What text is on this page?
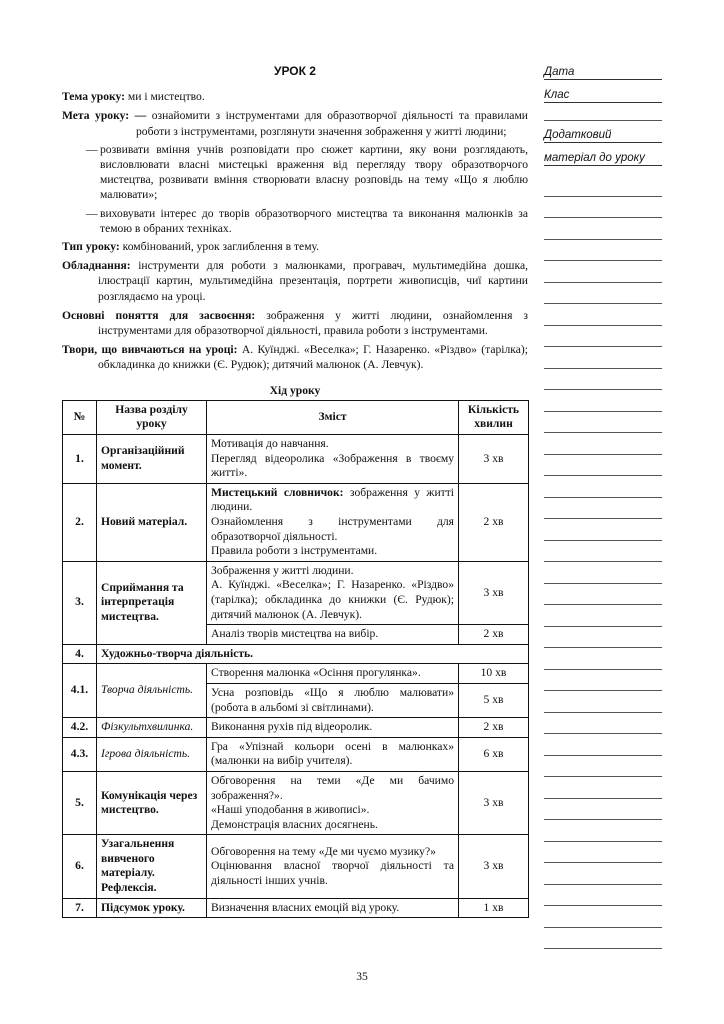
УРОК 2
Тема уроку: ми і мистецтво.
Мета уроку: — ознайомити з інструментами для образотворчої діяльності та правилами роботи з інструментами, розглянути значення зображення у житті людини;
— розвивати вміння учнів розповідати про сюжет картини, яку вони розглядають, висловлювати власні мистецькі враження від перегляду твору образотворчого мистецтва, розвивати вміння створювати власну розповідь на тему «Що я люблю малювати»;
— виховувати інтерес до творів образотворчого мистецтва та виконання малюнків за темою в обраних техніках.
Тип уроку: комбінований, урок заглиблення в тему.
Обладнання: інструменти для роботи з малюнками, програвач, мультимедійна дошка, ілюстрації картин, мультимедійна презентація, портрети живописців, чиї картини розглядаємо на уроці.
Основні поняття для засвоєння: зображення у житті людини, ознайомлення з інструментами для образотворчої діяльності, правила роботи з інструментами.
Твори, що вивчаються на уроці: А. Куїнджі. «Веселка»; Г. Назаренко. «Різдво» (тарілка); обкладинка до книжки (Є. Рудюк); дитячий малюнок (А. Левчук).
Хід уроку
№	Назва розділу уроку	Зміст	Кількість хвилин
1.	Організаційний момент.	Мотивація до навчання.
Перегляд відеоролика «Зображення в твоєму житті».	3 хв
2.	Новий матеріал.	Мистецький словничок: зображення у житті людини.
Ознайомлення з інструментами для образотворчої діяльності.
Правила роботи з інструментами.	2 хв
3.	Сприймання та інтерпретація мистецтва.	Зображення у житті людини.
А. Куїнджі. «Веселка»; Г. Назаренко. «Різдво» (тарілка); обкладинка до книжки (Є. Рудюк); дитячий малюнок (А. Левчук).	3 хв
		Аналіз творів мистецтва на вибір.	2 хв
4.	Художньо-творча діяльність.		
4.1.	Творча діяльність.	Створення малюнка «Осіння прогулянка».	10 хв
		Усна розповідь «Що я люблю малювати» (робота в альбомі зі світлинами).	5 хв
4.2.	Фізкультхвилинка.	Виконання рухів під відеоролик.	2 хв
4.3.	Ігрова діяльність.	Гра «Упізнай кольори осені в малюнках» (малюнки на вибір учителя).	6 хв
5.	Комунікація через мистецтво.	Обговорення на теми «Де ми бачимо зображення?».
«Наші уподобання в живописі».
Демонстрація власних досягнень.	3 хв
6.	Узагальнення вивченого матеріалу. Рефлексія.	Обговорення на тему «Де ми чуємо музику?»
Оцінювання власної творчої діяльності та діяльності інших учнів.	3 хв
7.	Підсумок уроку.	Визначення власних емоцій від уроку.	1 хв
Дата
Клас
Додатковий
матеріал до уроку
35
